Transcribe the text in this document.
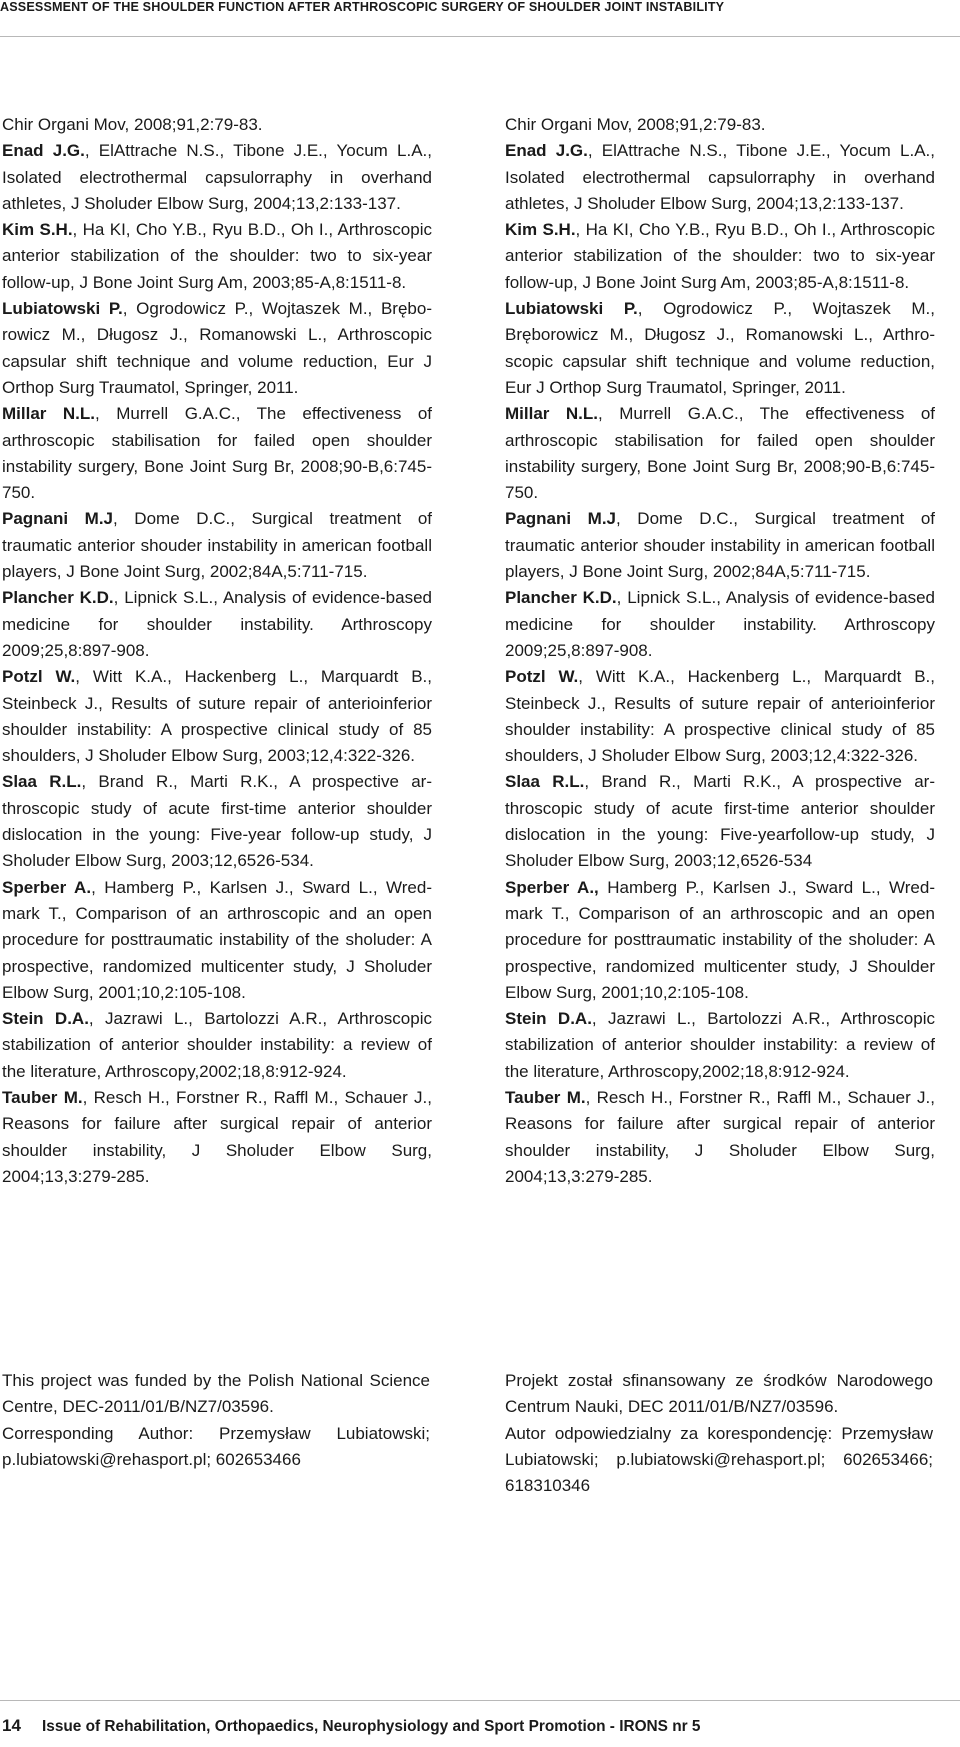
ASSESSMENT OF THE SHOULDER FUNCTION AFTER ARTHROSCOPIC SURGERY OF SHOULDER JOINT INSTABILITY

Chir Organi Mov, 2008;91,2:79-83.

Enad J.G., ElAttrache N.S., Tibone J.E., Yocum L.A., Isolated electrothermal capsulorraphy in overhand athletes, J Sholuder Elbow Surg, 2004;13,2:133-137.

Kim S.H., Ha KI, Cho Y.B., Ryu B.D., Oh I., Arthroscopic anterior stabilization of the shoulder: two to six-year follow-up, J Bone Joint Surg Am, 2003;85-A,8:1511-8.

Lubiatowski P., Ogrodowicz P., Wojtaszek M., Bręborowicz M., Długosz J., Romanowski L., Arthroscopic capsular shift technique and volume reduction, Eur J Orthop Surg Traumatol, Springer, 2011.

Millar N.L., Murrell G.A.C., The effectiveness of arthroscopic stabilisation for failed open shoulder instability surgery, Bone Joint Surg Br, 2008;90-B,6:745-750.

Pagnani M.J, Dome D.C., Surgical treatment of traumatic anterior shouder instability in american football players, J Bone Joint Surg, 2002;84A,5:711-715.

Plancher K.D., Lipnick S.L., Analysis of evidence-based medicine for shoulder instability. Arthroscopy 2009;25,8:897-908.

Potzl W., Witt K.A., Hackenberg L., Marquardt B., Steinbeck J., Results of suture repair of anterioinferior shoulder instability: A prospective clinical study of 85 shoulders, J Sholuder Elbow Surg, 2003;12,4:322-326.

Slaa R.L., Brand R., Marti R.K., A prospective arthroscopic study of acute first-time anterior shoulder dislocation in the young: Five-year follow-up study, J Sholuder Elbow Surg, 2003;12,6526-534.

Sperber A., Hamberg P., Karlsen J., Sward L., Wredmark T., Comparison of an arthroscopic and an open procedure for posttraumatic instability of the sholuder: A prospective, randomized multicenter study, J Sholuder Elbow Surg, 2001;10,2:105-108.

Stein D.A., Jazrawi L., Bartolozzi A.R., Arthroscopic stabilization of anterior shoulder instability: a review of the literature, Arthroscopy,2002;18,8:912-924.

Tauber M., Resch H., Forstner R., Raffl M., Schauer J., Reasons for failure after surgical repair of anterior shoulder instability, J Sholuder Elbow Surg, 2004;13,3:279-285.

Chir Organi Mov, 2008;91,2:79-83.

Enad J.G., ElAttrache N.S., Tibone J.E., Yocum L.A., Isolated electrothermal capsulorraphy in overhand athletes, J Sholuder Elbow Surg, 2004;13,2:133-137.

Kim S.H., Ha KI, Cho Y.B., Ryu B.D., Oh I., Arthroscopic anterior stabilization of the shoulder: two to six-year follow-up, J Bone Joint Surg Am, 2003;85-A,8:1511-8.

Lubiatowski P., Ogrodowicz P., Wojtaszek M., Bręborowicz M., Długosz J., Romanowski L., Arthroscopic capsular shift technique and volume reduction, Eur J Orthop Surg Traumatol, Springer, 2011.

Millar N.L., Murrell G.A.C., The effectiveness of arthroscopic stabilisation for failed open shoulder instability surgery, Bone Joint Surg Br, 2008;90-B,6:745-750.

Pagnani M.J, Dome D.C., Surgical treatment of traumatic anterior shouder instability in american football players, J Bone Joint Surg, 2002;84A,5:711-715.

Plancher K.D., Lipnick S.L., Analysis of evidence-based medicine for shoulder instability. Arthroscopy 2009;25,8:897-908.

Potzl W., Witt K.A., Hackenberg L., Marquardt B., Steinbeck J., Results of suture repair of anterioinferior shoulder instability: A prospective clinical study of 85 shoulders, J Sholuder Elbow Surg, 2003;12,4:322-326.

Slaa R.L., Brand R., Marti R.K., A prospective arthroscopic study of acute first-time anterior shoulder dislocation in the young: Five-yearfollow-up study, J Sholuder Elbow Surg, 2003;12,6526-534

Sperber A., Hamberg P., Karlsen J., Sward L., Wredmark T., Comparison of an arthroscopic and an open procedure for posttraumatic instability of the sholuder: A prospective, randomized multicenter study, J Shoulder Elbow Surg, 2001;10,2:105-108.

Stein D.A., Jazrawi L., Bartolozzi A.R., Arthroscopic stabilization of anterior shoulder instability: a review of the literature, Arthroscopy,2002;18,8:912-924.

Tauber M., Resch H., Forstner R., Raffl M., Schauer J., Reasons for failure after surgical repair of anterior shoulder instability, J Sholuder Elbow Surg, 2004;13,3:279-285.

This project was funded by the Polish National Science Centre, DEC-2011/01/B/NZ7/03596.

Corresponding Author: Przemysław Lubiatowski; p.lubiatowski@rehasport.pl; 602653466

Projekt został sfinansowany ze środków Narodowego Centrum Nauki, DEC 2011/01/B/NZ7/03596.

Autor odpowiedzialny za korespondencję: Przemysław Lubiatowski; p.lubiatowski@rehasport.pl; 602653466; 618310346

14	Issue of Rehabilitation, Orthopaedics, Neurophysiology and Sport Promotion - IRONS nr 5
